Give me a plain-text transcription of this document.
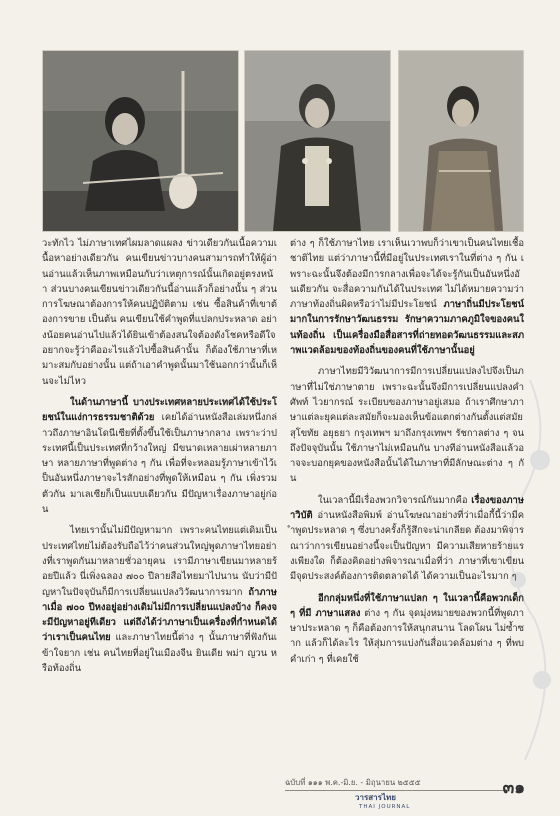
วะทักไว ไม่ภาษาเทศไผมลาดแผลง ข่าวเดียวกันเนื้อความเนื้อหาอย่างเดียวกัน คนเขียนข่าวบางคนสามารถทำให้ผู้อ่านอ่านแล้วเห็นภาพเหมือนกับว่าเหตุการณ์นั้นเกิดอยู่ตรงหน้า ส่วนบางคนเขียนข่าวเดียวกันนี้อ่านแล้วก็อย่างนั้น ๆ ส่วนการโฆษณาต้องการให้คนปฏิบัติตาม เช่น ซื้อสินค้าที่เขาต้องการขาย เป็นต้น คนเขียนใช้คำพูดที่แปลกประหลาด อย่างน้อยคนอ่านไปแล้วได้ยินเข้าต้องสนใจต้องดังโชคหรือดีใจ อยากจะรู้ว่าคืออะไรแล้วไปซื้อสินค้านั้น ก็ต้องใช้ภาษาที่เหมาะสมกับอย่างนั้น แต่ถ้าเอาคำพูดนั้นมาใช้นอกกว่านั้นก็เห็นจะไม่ไหว

ในด้านภาษานี้ บางประเทศหลายประเทศได้ใช้ประโยชน์ในแง่การธรรมชาติด้วย เคยได้อ่านหนังสือเล่มหนึ่งกล่าวถึงภาษาอินโดนีเซียที่ตั้งขึ้นใช้เป็นภาษากลาง เพราะว่าประเทศนี้เป็นประเทศที่กว้างใหญ่ มีขนาดเหลายเผ่าหลายภาษา หลายภาษาที่พูดต่าง ๆ กัน เพื่อที่จะหลอมรู้ภาษาเข้าไว้เป็นอันหนึ่งภาษาจะไรสักอย่างที่พูดให้เหมือน ๆ กัน เพิ่งรวมตัวกัน มาเลเซียก็เป็นแบบเดียวกัน มีปัญหาเรื่องภาษาอยู่ก่อน

ไทยเรานั้นไม่มีปัญหามาก เพราะคนไทยแต่เดิมเป็นประเทศไทยไม่ต้องรับถือไว้ว่าคนส่วนใหญ่พูดภาษาไทยอย่างที่เราพูดกันมาหลายชั่วอายุคน เรามีภาษาเขียนมาหลายร้อยปีแล้ว นี่เพิ่งฉลอง ๗๐๐ ปีลายสือไทยมาไปนาน นับว่ามีปัญหาในปัจจุบันก็มีการเปลี่ยนแปลงวิวัฒนาการมาก ถ้าภาษาเมื่อ ๗๐๐ ปีหงอยู่อย่างเดิมไม่มีการเปลี่ยนแปลงบ้าง ก็คงจะมีปัญหาอยู่ทีเดียว แต่ถึงได้ว่าภาษาเป็นเครื่องที่กำหนดได้ว่าเราเป็นคนไทย และภาษาไทยนี้ต่าง ๆ นั้นภาษาที่ฟังกันเข้าใจยาก เช่น คนไทยที่อยู่ในเมืองจีน ยินเดีย พม่า ญวน หรือท้องถิ่น

ต่าง ๆ ก็ใช้ภาษาไทย เราเห็นเวาพบก็ว่าเขาเป็นคนไทยเชื้อชาติไทย แต่ว่าภาษานี้ที่มีอยู่ในประเทศเราในที่ต่าง ๆ กัน เพราะฉะนั้นจึงต้องมีการกลางเพื่อจะได้จะรู้กันเป็นอันหนึ่งอันเดียวกัน จะสื่อความกันได้ในประเทศ ไม่ได้หมายความว่าภาษาท้องถิ่นผิดหรือว่าไม่มีประโยชน์ ภาษาถิ่นมีประโยชน์มากในการรักษาวัฒนธรรม รักษาความภาคภูมิใจของคนในท้องถิ่น เป็นเครื่องมือสื่อสารที่ถ่ายทอดวัฒนธรรมและสภาพแวดล้อมของท้องถิ่นของคนที่ใช้ภาษานั้นอยู่

ภาษาไทยมีวิวัฒนาการมีการเปลี่ยนแปลงไปจึงเป็นภาษาที่ไม่ใช่ภาษาตาย เพราะฉะนั้นจึงมีการเปลี่ยนแปลงคำศัพท์ ไวยากรณ์ ระเบียบของภาษาอยู่เสมอ ถ้าเราศึกษาภาษาแต่ละยุคแต่ละสมัยก็จะมองเห็นข้อแตกต่างกันตั้งแต่สมัยสุโขทัย อยุธยา กรุงเทพฯ มาถึงกรุงเทพฯ รัชกาลต่าง ๆ จนถึงปัจจุบันนั้น ใช้ภาษาไม่เหมือนกัน บางทีอ่านหนังสือแล้วอาจจะบอกยุคของหนังสือนั้นได้ในภาษาที่มีลักษณะต่าง ๆ กัน

ในเวลานี้มีเรื่องพวกวิจารณ์กันมากคือ เรื่องของภาษาวิบัติ อ่านหนังสือพิมพ์ อ่านโฆษณาอย่างที่ว่าเมื่อกี้นี้ว่ามีคำพูดประหลาด ๆ ซึ่งบางครั้งก็รู้สึกจะน่าเกลียด ต้องมาพิจารณาว่าการเขียนอย่างนี้จะเป็นปัญหา มีความเสียหายร้ายแรงเพียงใด ก็ต้องคิดอย่างพิจารณาเมื่อที่ว่า ภาษาที่เขาเขียนมีจุดประสงค์ต้องการติดตลาดได้ ได้ความเป็นอะไรมาก ๆ

อีกกลุ่มหนึ่งที่ใช้ภาษาแปลก ๆ ในเวลานี้คือพวกเด็ก ๆ ที่มี ภาษาแสลง ต่าง ๆ กัน จุดมุ่งหมายของพวกนี้ที่พูดภาษาประหลาด ๆ ก็คือต้องการให้สนุกสนาน โลดโผน ไม่ซ้ำซาก แล้วก็ได้ละไร ให้สุ่มการแบ่งกันสื่อแวดล้อมต่าง ๆ ที่พบ คำเก่า ๆ ที่เคยใช้

ฉบับที่ ๑๑๑ พ.ค.-มิ.ย. - มิถุนายน ๒๕๕๕
วารสารไทย
THAI JOURNAL
๓๑
